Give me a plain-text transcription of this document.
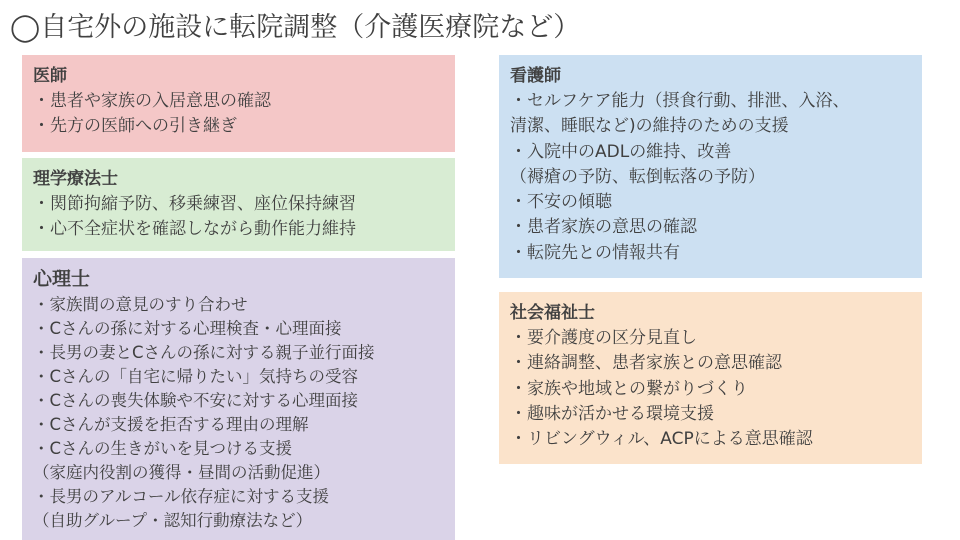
◯自宅外の施設に転院調整（介護医療院など）
医師
・患者や家族の入居意思の確認
・先方の医師への引き継ぎ
理学療法士
・関節拘縮予防、移乗練習、座位保持練習
・心不全症状を確認しながら動作能力維持
心理士
・家族間の意見のすり合わせ
・Cさんの孫に対する心理検査・心理面接
・長男の妻とCさんの孫に対する親子並行面接
・Cさんの「自宅に帰りたい」気持ちの受容
・Cさんの喪失体験や不安に対する心理面接
・Cさんが支援を拒否する理由の理解
・Cさんの生きがいを見つける支援
（家庭内役割の獲得・昼間の活動促進）
・長男のアルコール依存症に対する支援
（自助グループ・認知行動療法など）
看護師
・セルフケア能力（摂食行動、排泄、入浴、
清潔、睡眠など)の維持のための支援
・入院中のADLの維持、改善
（褥瘡の予防、転倒転落の予防）
・不安の傾聴
・患者家族の意思の確認
・転院先との情報共有
社会福祉士
・要介護度の区分見直し
・連絡調整、患者家族との意思確認
・家族や地域との繋がりづくり
・趣味が活かせる環境支援
・リビングウィル、ACPによる意思確認
